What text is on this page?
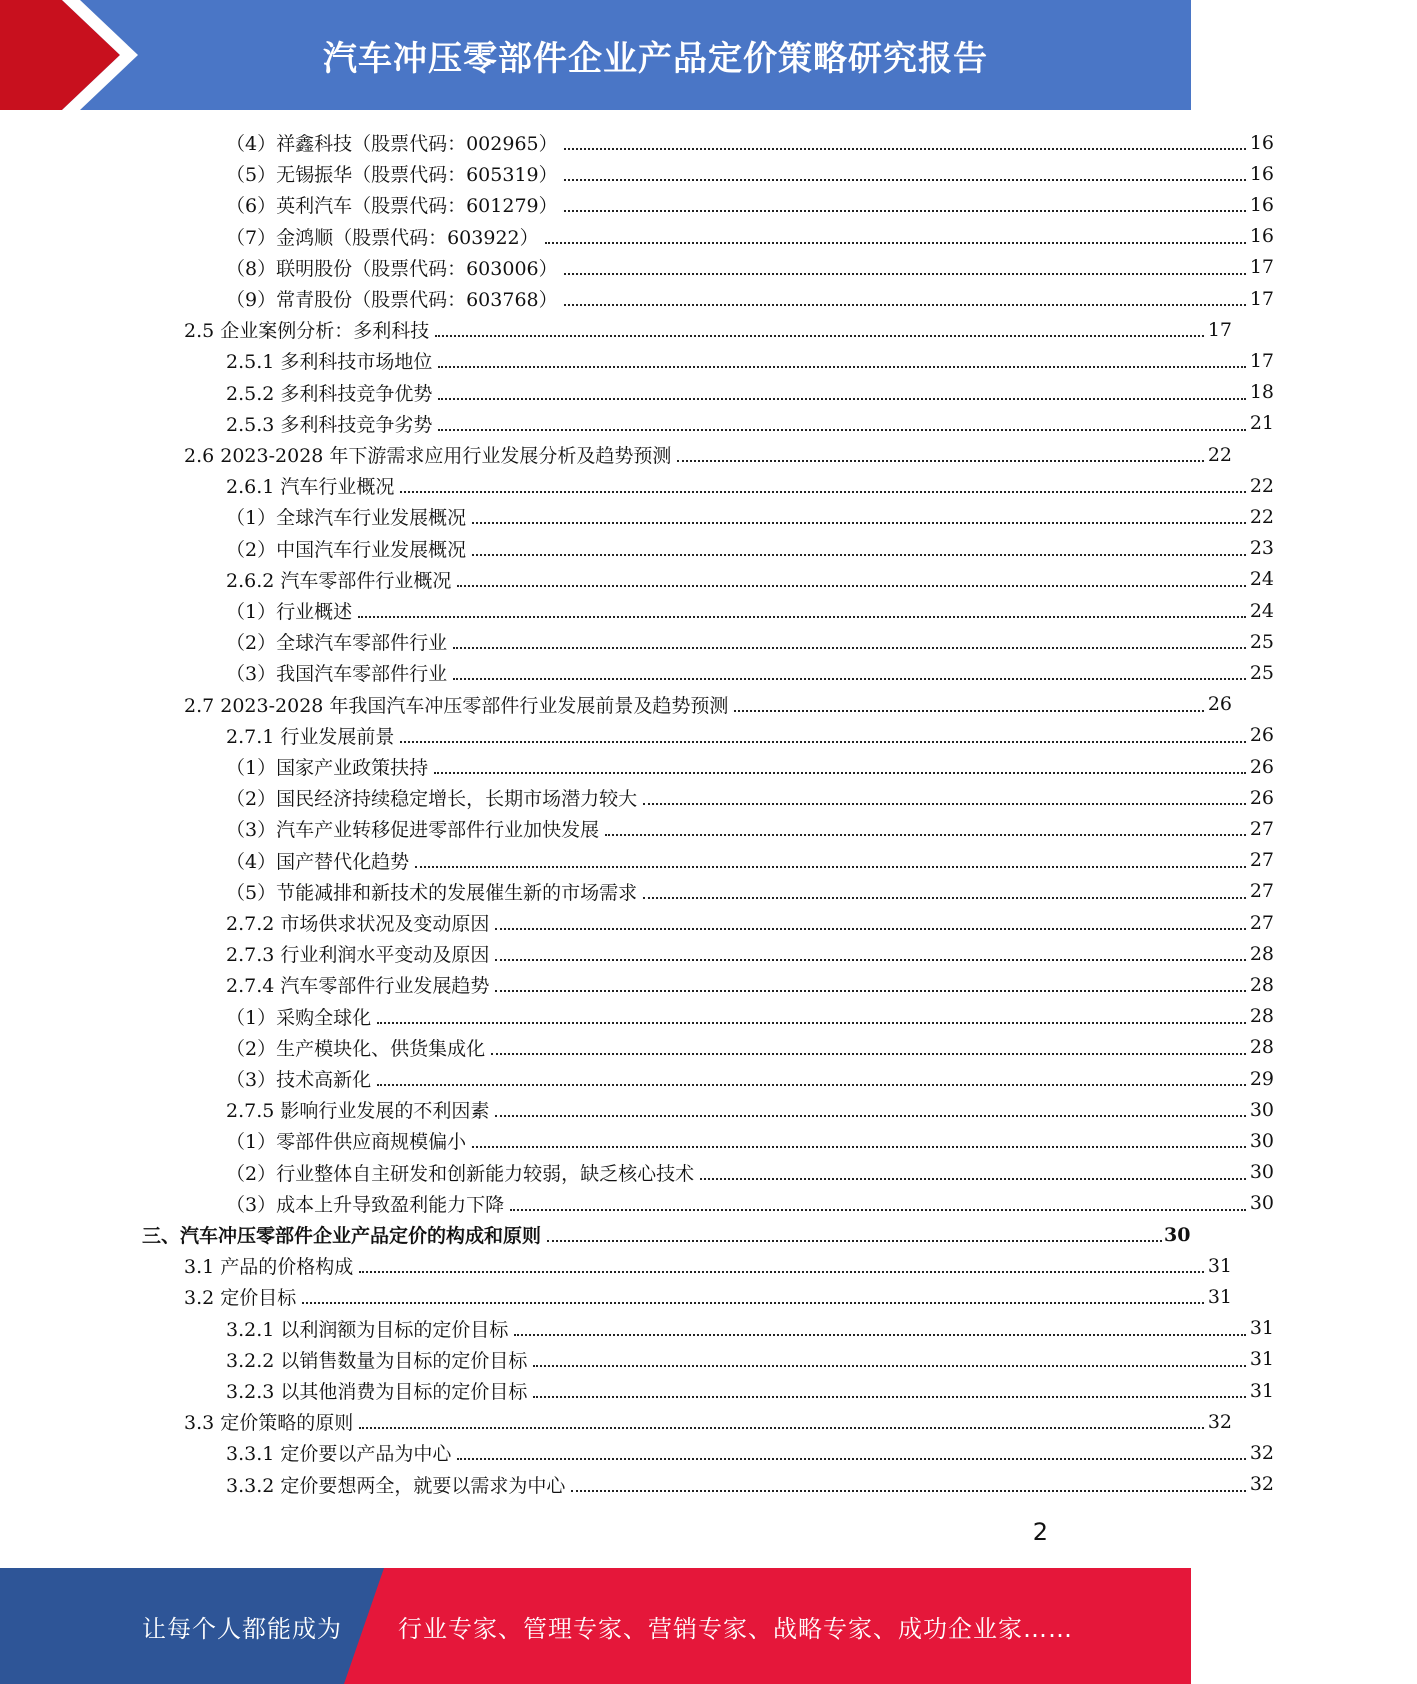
汽车冲压零部件企业产品定价策略研究报告
（4）祥鑫科技（股票代码：002965）	16
（5）无锡振华（股票代码：605319）	16
（6）英利汽车（股票代码：601279）	16
（7）金鸿顺（股票代码：603922）	16
（8）联明股份（股票代码：603006）	17
（9）常青股份（股票代码：603768）	17
2.5 企业案例分析：多利科技	17
2.5.1 多利科技市场地位	17
2.5.2 多利科技竞争优势	18
2.5.3 多利科技竞争劣势	21
2.6 2023-2028 年下游需求应用行业发展分析及趋势预测	22
2.6.1 汽车行业概况	22
（1）全球汽车行业发展概况	22
（2）中国汽车行业发展概况	23
2.6.2 汽车零部件行业概况	24
（1）行业概述	24
（2）全球汽车零部件行业	25
（3）我国汽车零部件行业	25
2.7 2023-2028 年我国汽车冲压零部件行业发展前景及趋势预测	26
2.7.1 行业发展前景	26
（1）国家产业政策扶持	26
（2）国民经济持续稳定增长，长期市场潜力较大	26
（3）汽车产业转移促进零部件行业加快发展	27
（4）国产替代化趋势	27
（5）节能减排和新技术的发展催生新的市场需求	27
2.7.2 市场供求状况及变动原因	27
2.7.3 行业利润水平变动及原因	28
2.7.4 汽车零部件行业发展趋势	28
（1）采购全球化	28
（2）生产模块化、供货集成化	28
（3）技术高新化	29
2.7.5 影响行业发展的不利因素	30
（1）零部件供应商规模偏小	30
（2）行业整体自主研发和创新能力较弱，缺乏核心技术	30
（3）成本上升导致盈利能力下降	30
三、汽车冲压零部件企业产品定价的构成和原则	30
3.1 产品的价格构成	31
3.2 定价目标	31
3.2.1 以利润额为目标的定价目标	31
3.2.2 以销售数量为目标的定价目标	31
3.2.3 以其他消费为目标的定价目标	31
3.3 定价策略的原则	32
3.3.1 定价要以产品为中心	32
3.3.2 定价要想两全，就要以需求为中心	32
2
让每个人都能成为 行业专家、管理专家、营销专家、战略专家、成功企业家……
